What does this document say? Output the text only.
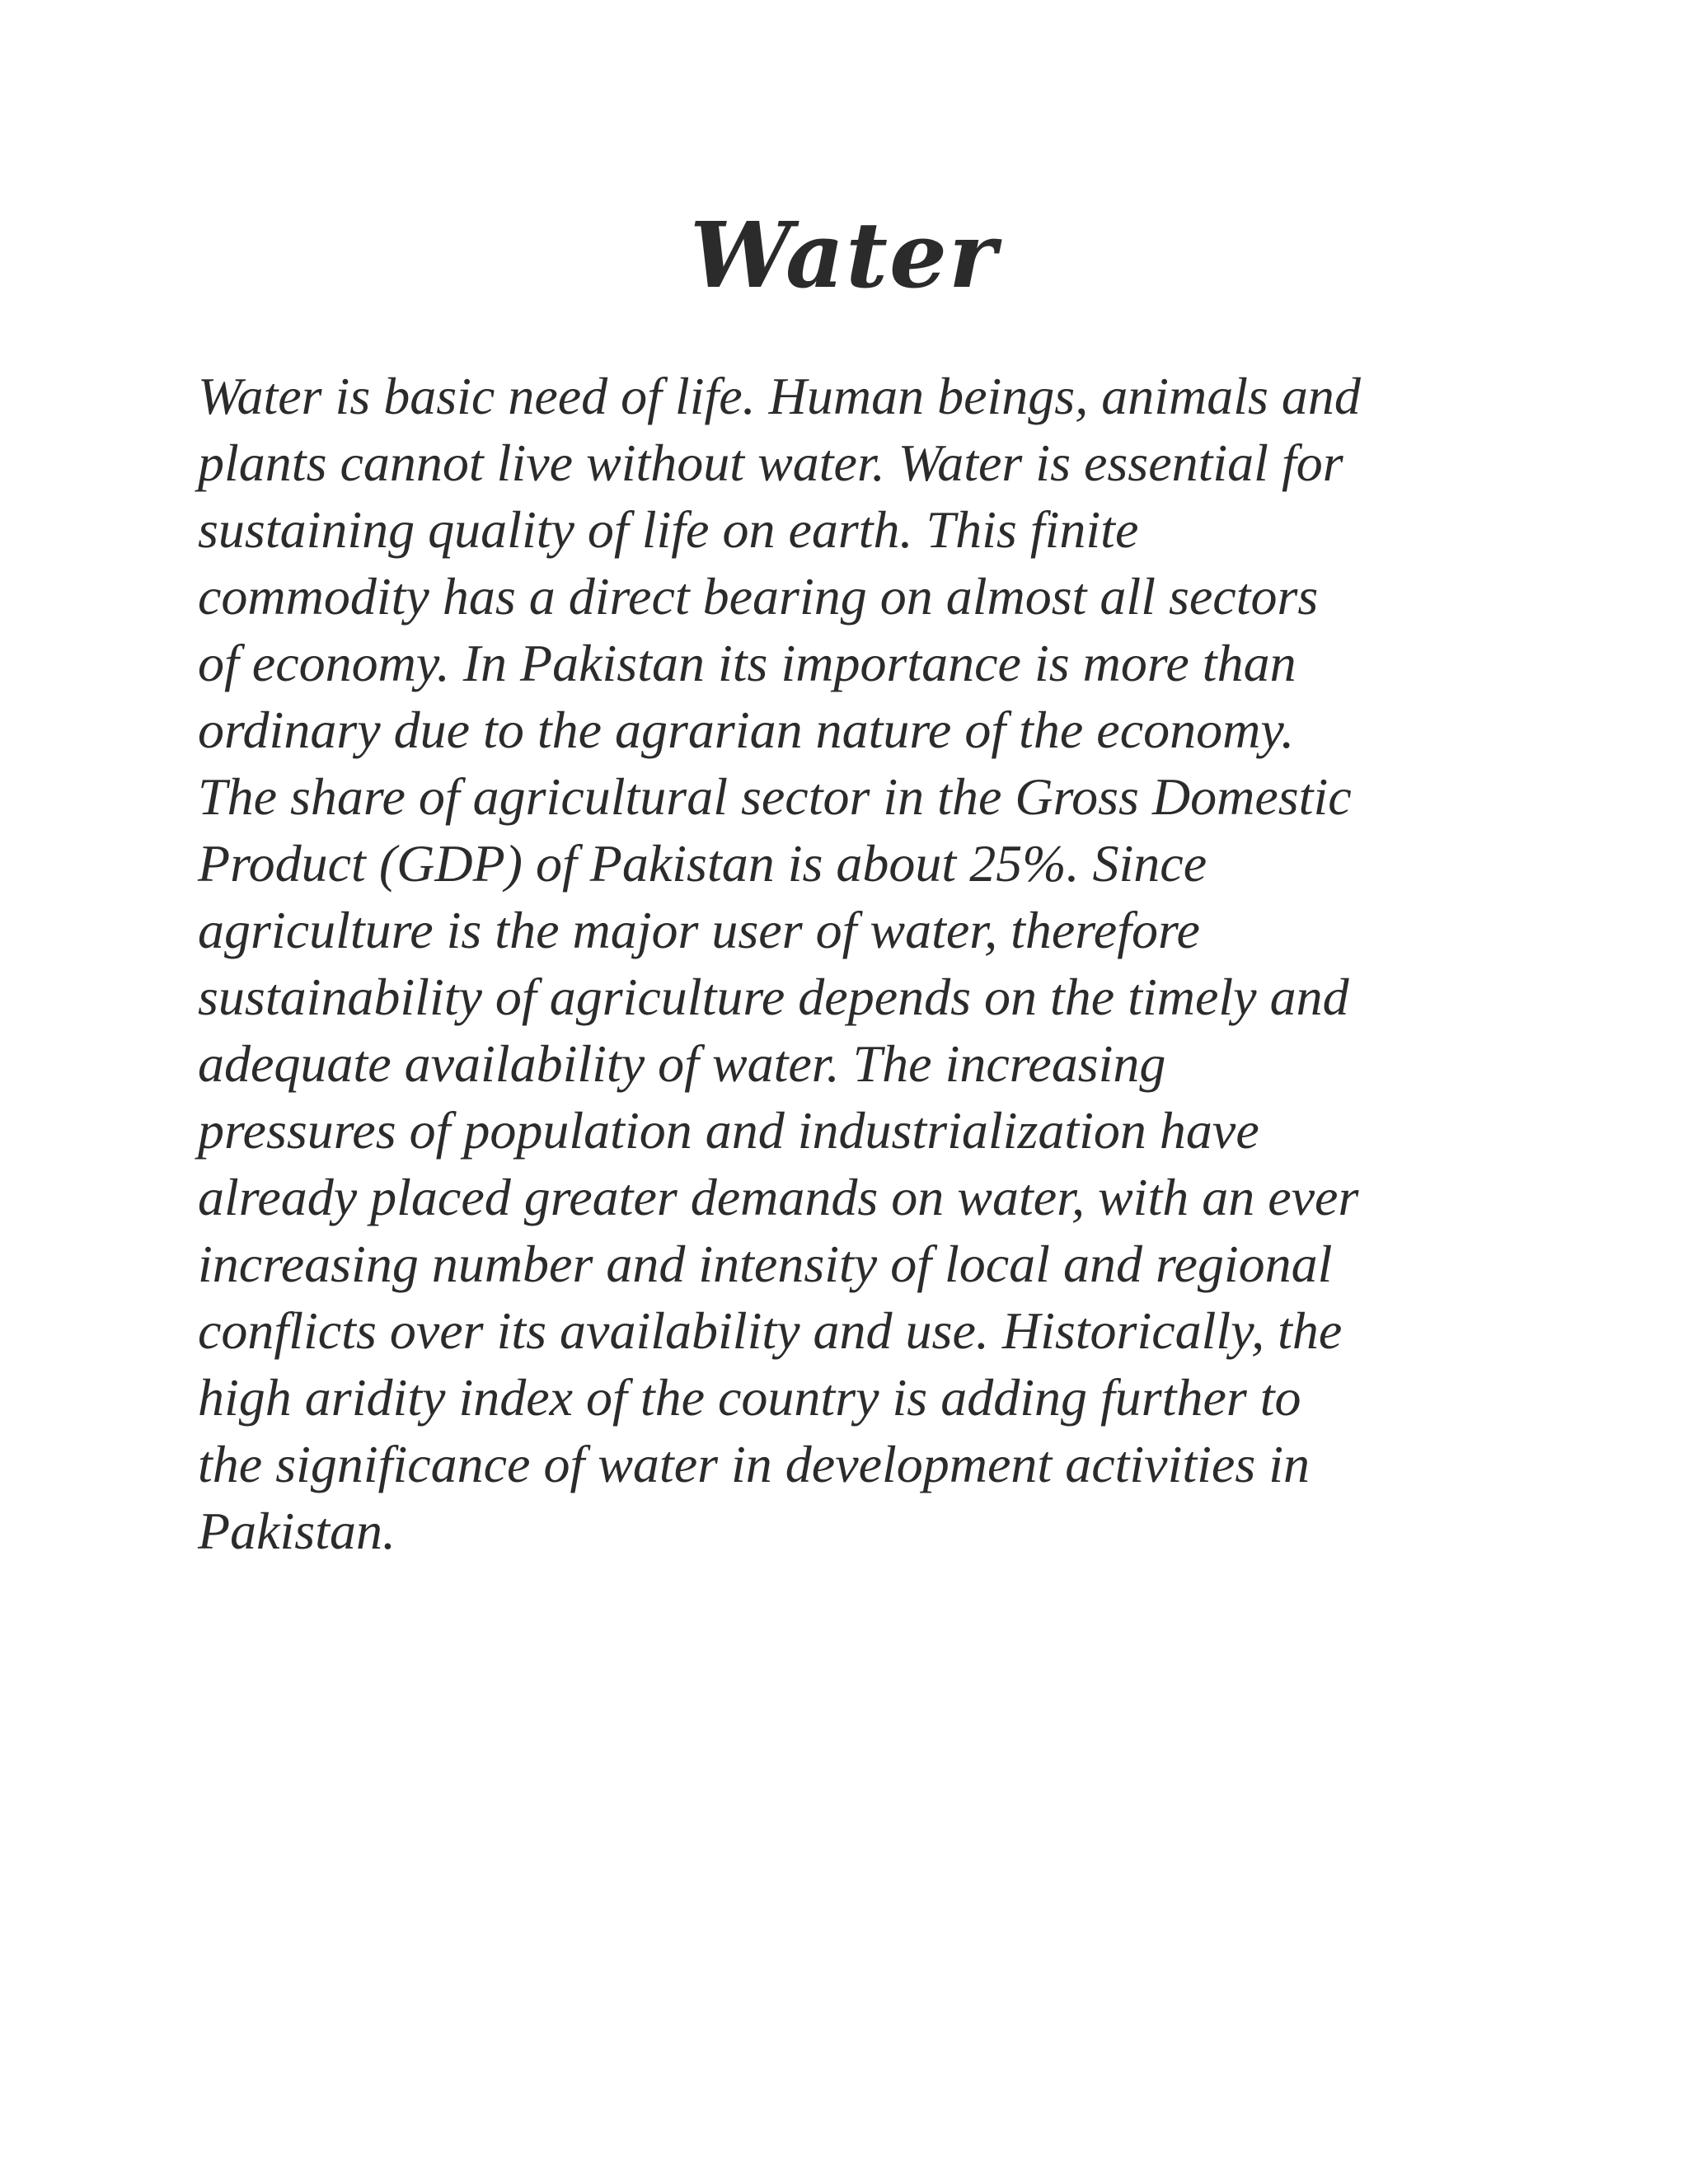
Water
Water is basic need of life. Human beings, animals and
plants cannot live without water. Water is essential for
sustaining quality of life on earth. This finite
commodity has a direct bearing on almost all sectors
of economy. In Pakistan its importance is more than
ordinary due to the agrarian nature of the economy.
The share of agricultural sector in the Gross Domestic
Product (GDP) of Pakistan is about 25%. Since
agriculture is the major user of water, therefore
sustainability of agriculture depends on the timely and
adequate availability of water. The increasing
pressures of population and industrialization have
already placed greater demands on water, with an ever
increasing number and intensity of local and regional
conflicts over its availability and use. Historically, the
high aridity index of the country is adding further to
the significance of water in development activities in
Pakistan.
